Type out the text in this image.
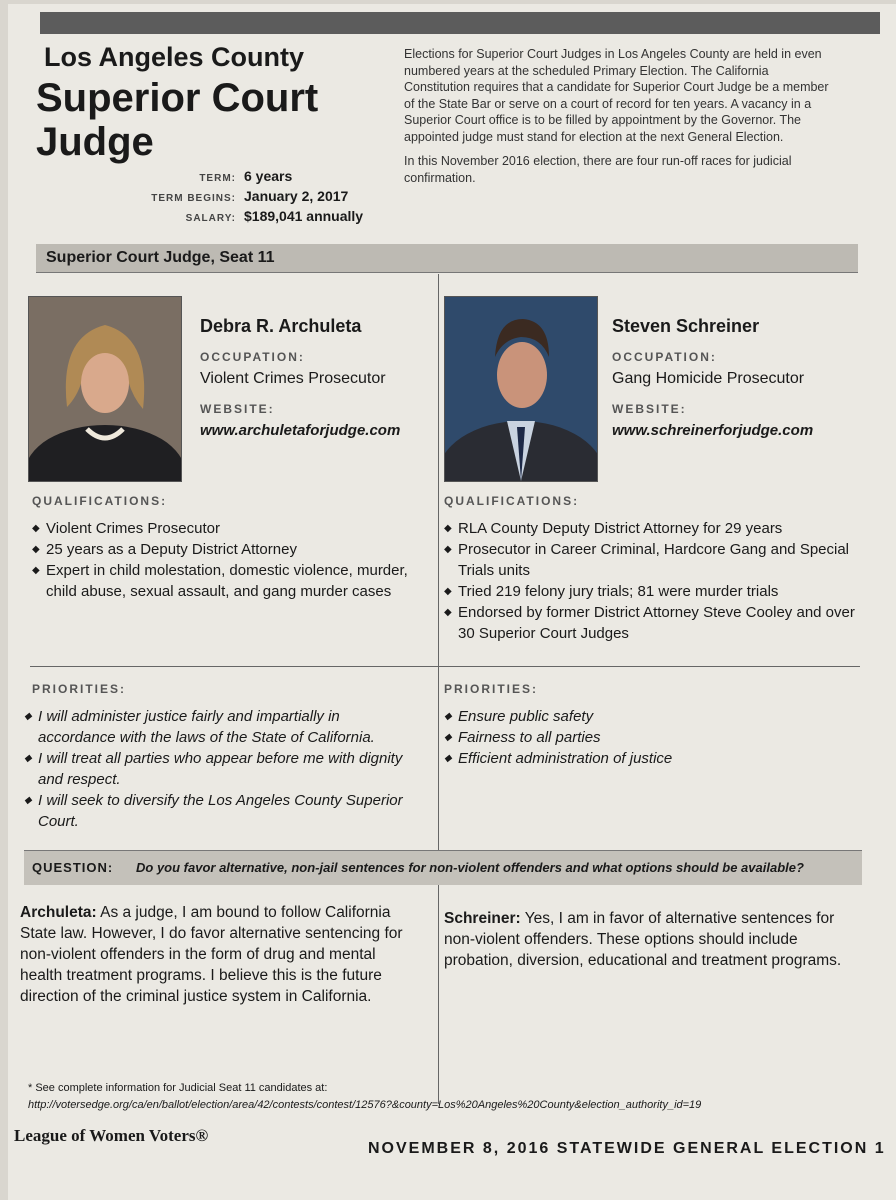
Los Angeles County
Superior Court
Judge
TERM: 6 years
TERM BEGINS: January 2, 2017
SALARY: $189,041 annually

Elections for Superior Court Judges in Los Angeles County are held in even numbered years at the scheduled Primary Election. The California Constitution requires that a candidate for Superior Court Judge be a member of the State Bar or serve on a court of record for ten years. A vacancy in a Superior Court office is to be filled by appointment by the Governor. The appointed judge must stand for election at the next General Election.

In this November 2016 election, there are four run-off races for judicial confirmation.

Superior Court Judge, Seat 11
Debra R. Archuleta
OCCUPATION:
Violent Crimes Prosecutor
WEBSITE:
www.archuletaforjudge.com
QUALIFICATIONS:
◆ Violent Crimes Prosecutor
◆ 25 years as a Deputy District Attorney
◆ Expert in child molestation, domestic violence, murder, child abuse, sexual assault, and gang murder cases
PRIORITIES:
◆ I will administer justice fairly and impartially in accordance with the laws of the State of California.
◆ I will treat all parties who appear before me with dignity and respect.
◆ I will seek to diversify the Los Angeles County Superior Court.
Steven Schreiner
OCCUPATION:
Gang Homicide Prosecutor
WEBSITE:
www.schreinerforjudge.com
QUALIFICATIONS:
◆ RLA County Deputy District Attorney for 29 years
◆ Prosecutor in Career Criminal, Hardcore Gang and Special Trials units
◆ Tried 219 felony jury trials; 81 were murder trials
◆ Endorsed by former District Attorney Steve Cooley and over 30 Superior Court Judges
PRIORITIES:
◆ Ensure public safety
◆ Fairness to all parties
◆ Efficient administration of justice
QUESTION: Do you favor alternative, non-jail sentences for non-violent offenders and what options should be available?
Archuleta: As a judge, I am bound to follow California State law. However, I do favor alternative sentencing for non-violent offenders in the form of drug and mental health treatment programs. I believe this is the future direction of the criminal justice system in California.
Schreiner: Yes, I am in favor of alternative sentences for non-violent offenders. These options should include probation, diversion, educational and treatment programs.
* See complete information for Judicial Seat 11 candidates at:
http://votersedge.org/ca/en/ballot/election/area/42/contests/contest/12576?&county=Los%20Angeles%20County&election_authority_id=19
League of Women Voters®
NOVEMBER 8, 2016 STATEWIDE GENERAL ELECTION 1
